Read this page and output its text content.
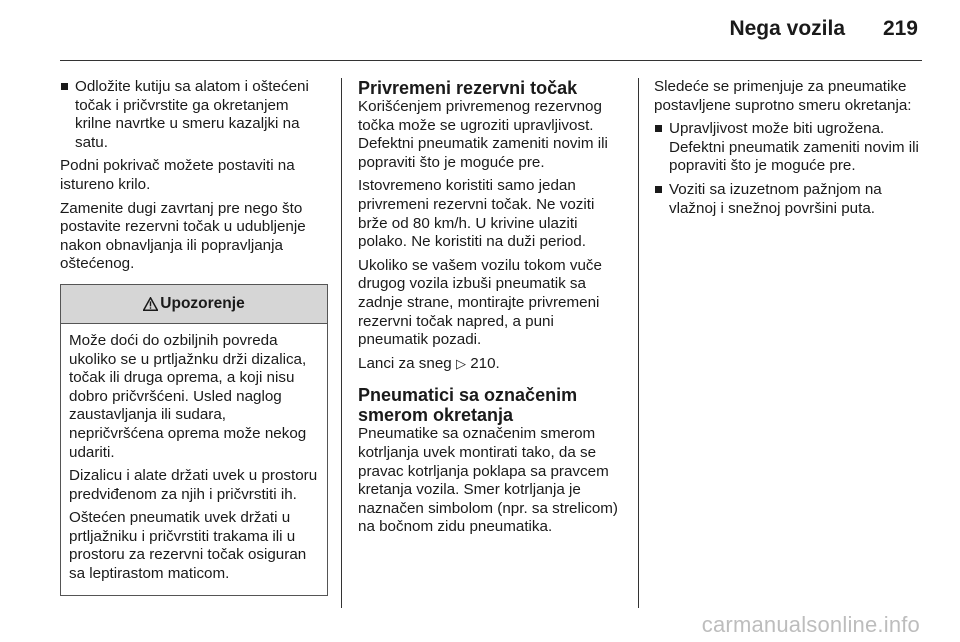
Nega vozila 219
Odložite kutiju sa alatom i oštećeni točak i pričvrstite ga okretanjem krilne navrtke u smeru kazaljki na satu.

Podni pokrivač možete postaviti na istureno krilo.

Zamenite dugi zavrtanj pre nego što postavite rezervni točak u udubljenje nakon obnavljanja ili popravljanja oštećenog.

Upozorenje

Može doći do ozbiljnih povreda ukoliko se u prtljažnku drži dizalica, točak ili druga oprema, a koji nisu dobro pričvršćeni. Usled naglog zaustavljanja ili sudara, nepričvršćena oprema može nekog udariti.

Dizalicu i alate držati uvek u prostoru predviđenom za njih i pričvrstiti ih.

Oštećen pneumatik uvek držati u prtljažniku i pričvrstiti trakama ili u prostoru za rezervni točak osiguran sa leptirastom maticom.

Privremeni rezervni točak

Korišćenjem privremenog rezervnog točka može se ugroziti upravljivost. Defektni pneumatik zameniti novim ili popraviti što je moguće pre.

Istovremeno koristiti samo jedan privremeni rezervni točak. Ne voziti brže od 80 km/h. U krivine ulaziti polako. Ne koristiti na duži period.

Ukoliko se vašem vozilu tokom vuče drugog vozila izbuši pneumatik sa zadnje strane, montirajte privremeni rezervni točak napred, a puni pneumatik pozadi.

Lanci za sneg ▷ 210.

Pneumatici sa označenim smerom okretanja

Pneumatike sa označenim smerom kotrljanja uvek montirati tako, da se pravac kotrljanja poklapa sa pravcem kretanja vozila. Smer kotrljanja je naznačen simbolom (npr. sa strelicom) na bočnom zidu pneumatika.

Sledeće se primenjuje za pneumatike postavljene suprotno smeru okretanja:

Upravljivost može biti ugrožena. Defektni pneumatik zameniti novim ili popraviti što je moguće pre.
Voziti sa izuzetnom pažnjom na vlažnoj i snežnoj površini puta.
carmanualsonline.info
